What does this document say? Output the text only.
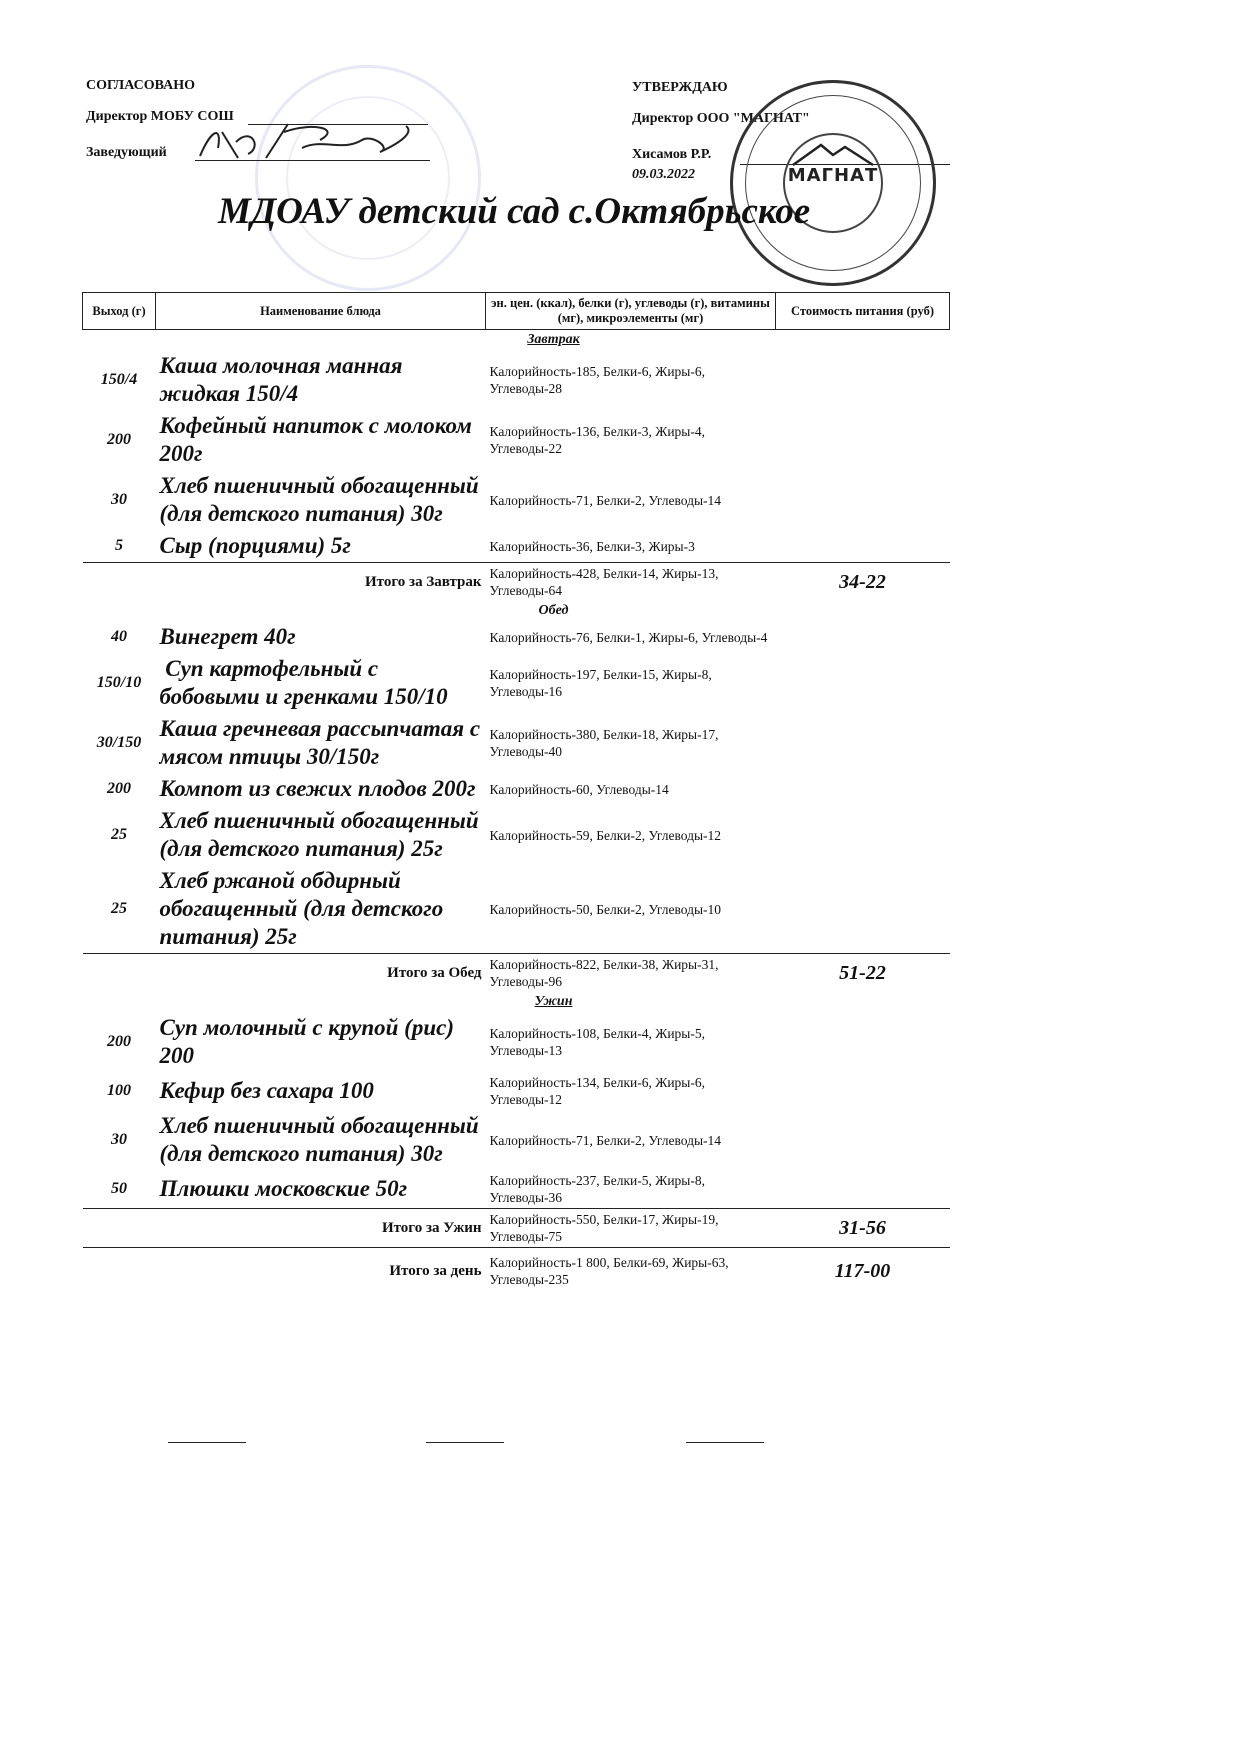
СОГЛАСОВАНО
Директор МОБУ СОШ
Заведующий
УТВЕРЖДАЮ
Директор ООО "МАГНАТ"
Хисамов Р.Р.
09.03.2022	МАГНАТ
МДОАУ детский сад с.Октябрьское
Выход (г)	Наименование блюда	эн. цен. (ккал), белки (г), углеводы (г), витамины (мг), микроэлементы (мг)	Стоимость питания (руб)
	Завтрак		
150/4	Каша молочная манная жидкая 150/4	Калорийность-185, Белки-6, Жиры-6, Углеводы-28	
200	Кофейный напиток с молоком 200г	Калорийность-136, Белки-3, Жиры-4, Углеводы-22	
30	Хлеб пшеничный обогащенный (для детского питания) 30г	Калорийность-71, Белки-2, Углеводы-14	
5	Сыр (порциями) 5г	Калорийность-36, Белки-3, Жиры-3	
Итого за Завтрак		Калорийность-428, Белки-14, Жиры-13, Углеводы-64	34-22
	Обед		
40	Винегрет 40г	Калорийность-76, Белки-1, Жиры-6, Углеводы-4	
150/10	Суп картофельный с бобовыми и гренками 150/10	Калорийность-197, Белки-15, Жиры-8, Углеводы-16	
30/150	Каша гречневая рассыпчатая с мясом птицы 30/150г	Калорийность-380, Белки-18, Жиры-17, Углеводы-40	
200	Компот из свежих плодов 200г	Калорийность-60, Углеводы-14	
25	Хлеб пшеничный обогащенный (для детского питания) 25г	Калорийность-59, Белки-2, Углеводы-12	
25	Хлеб ржаной обдирный обогащенный (для детского питания) 25г	Калорийность-50, Белки-2, Углеводы-10	
Итого за Обед		Калорийность-822, Белки-38, Жиры-31, Углеводы-96	51-22
	Ужин		
200	Суп молочный с крупой (рис) 200	Калорийность-108, Белки-4, Жиры-5, Углеводы-13	
100	Кефир без сахара 100	Калорийность-134, Белки-6, Жиры-6, Углеводы-12	
30	Хлеб пшеничный обогащенный (для детского питания) 30г	Калорийность-71, Белки-2, Углеводы-14	
50	Плюшки московские 50г	Калорийность-237, Белки-5, Жиры-8, Углеводы-36	
Итого за Ужин		Калорийность-550, Белки-17, Жиры-19, Углеводы-75	31-56
Итого за день		Калорийность-1 800, Белки-69, Жиры-63, Углеводы-235	117-00
